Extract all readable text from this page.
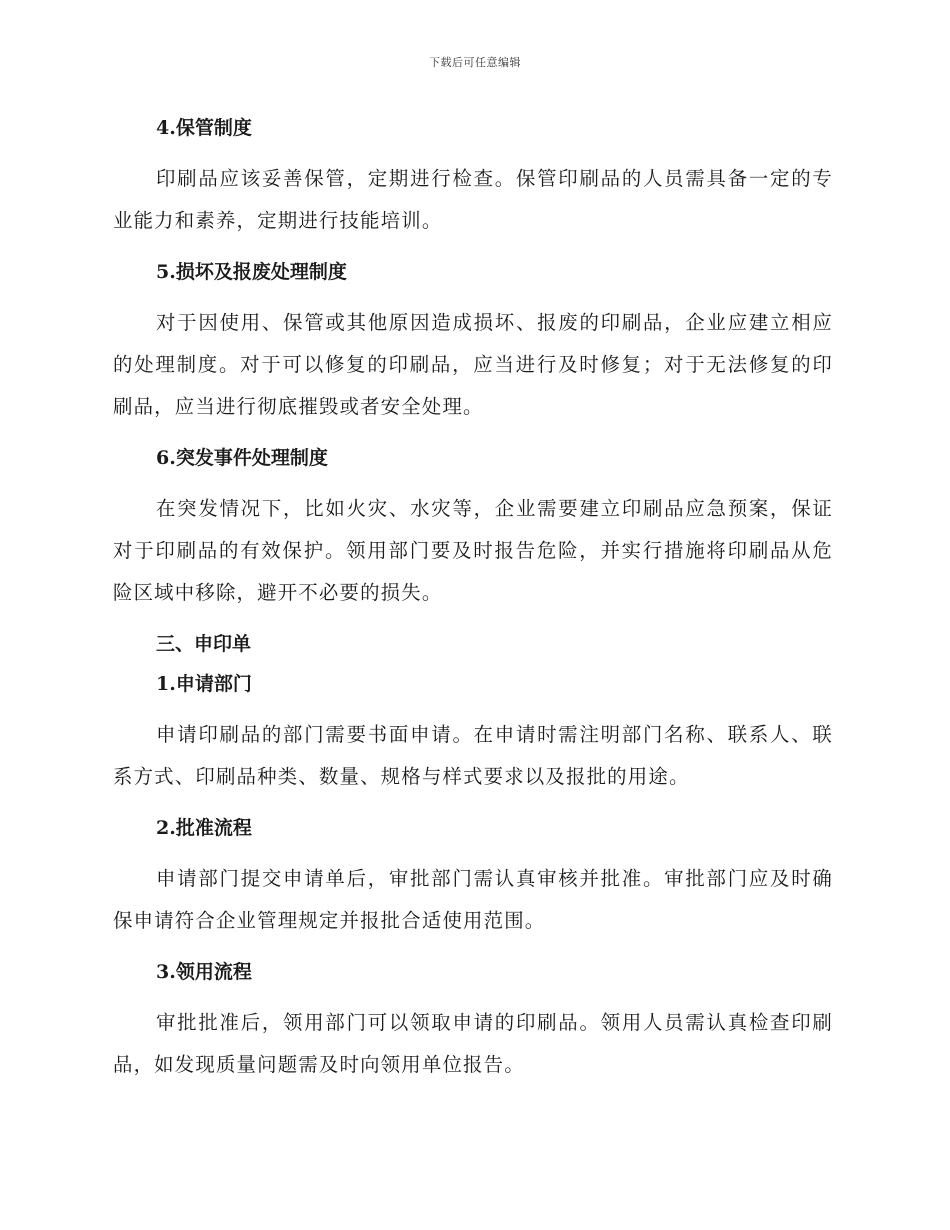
下载后可任意编辑
4.保管制度
印刷品应该妥善保管，定期进行检查。保管印刷品的人员需具备一定的专业能力和素养，定期进行技能培训。
5.损坏及报废处理制度
对于因使用、保管或其他原因造成损坏、报废的印刷品，企业应建立相应的处理制度。对于可以修复的印刷品，应当进行及时修复；对于无法修复的印刷品，应当进行彻底摧毁或者安全处理。
6.突发事件处理制度
在突发情况下，比如火灾、水灾等，企业需要建立印刷品应急预案，保证对于印刷品的有效保护。领用部门要及时报告危险，并实行措施将印刷品从危险区域中移除，避开不必要的损失。
三、申印单
1.申请部门
申请印刷品的部门需要书面申请。在申请时需注明部门名称、联系人、联系方式、印刷品种类、数量、规格与样式要求以及报批的用途。
2.批准流程
申请部门提交申请单后，审批部门需认真审核并批准。审批部门应及时确保申请符合企业管理规定并报批合适使用范围。
3.领用流程
审批批准后，领用部门可以领取申请的印刷品。领用人员需认真检查印刷品，如发现质量问题需及时向领用单位报告。
